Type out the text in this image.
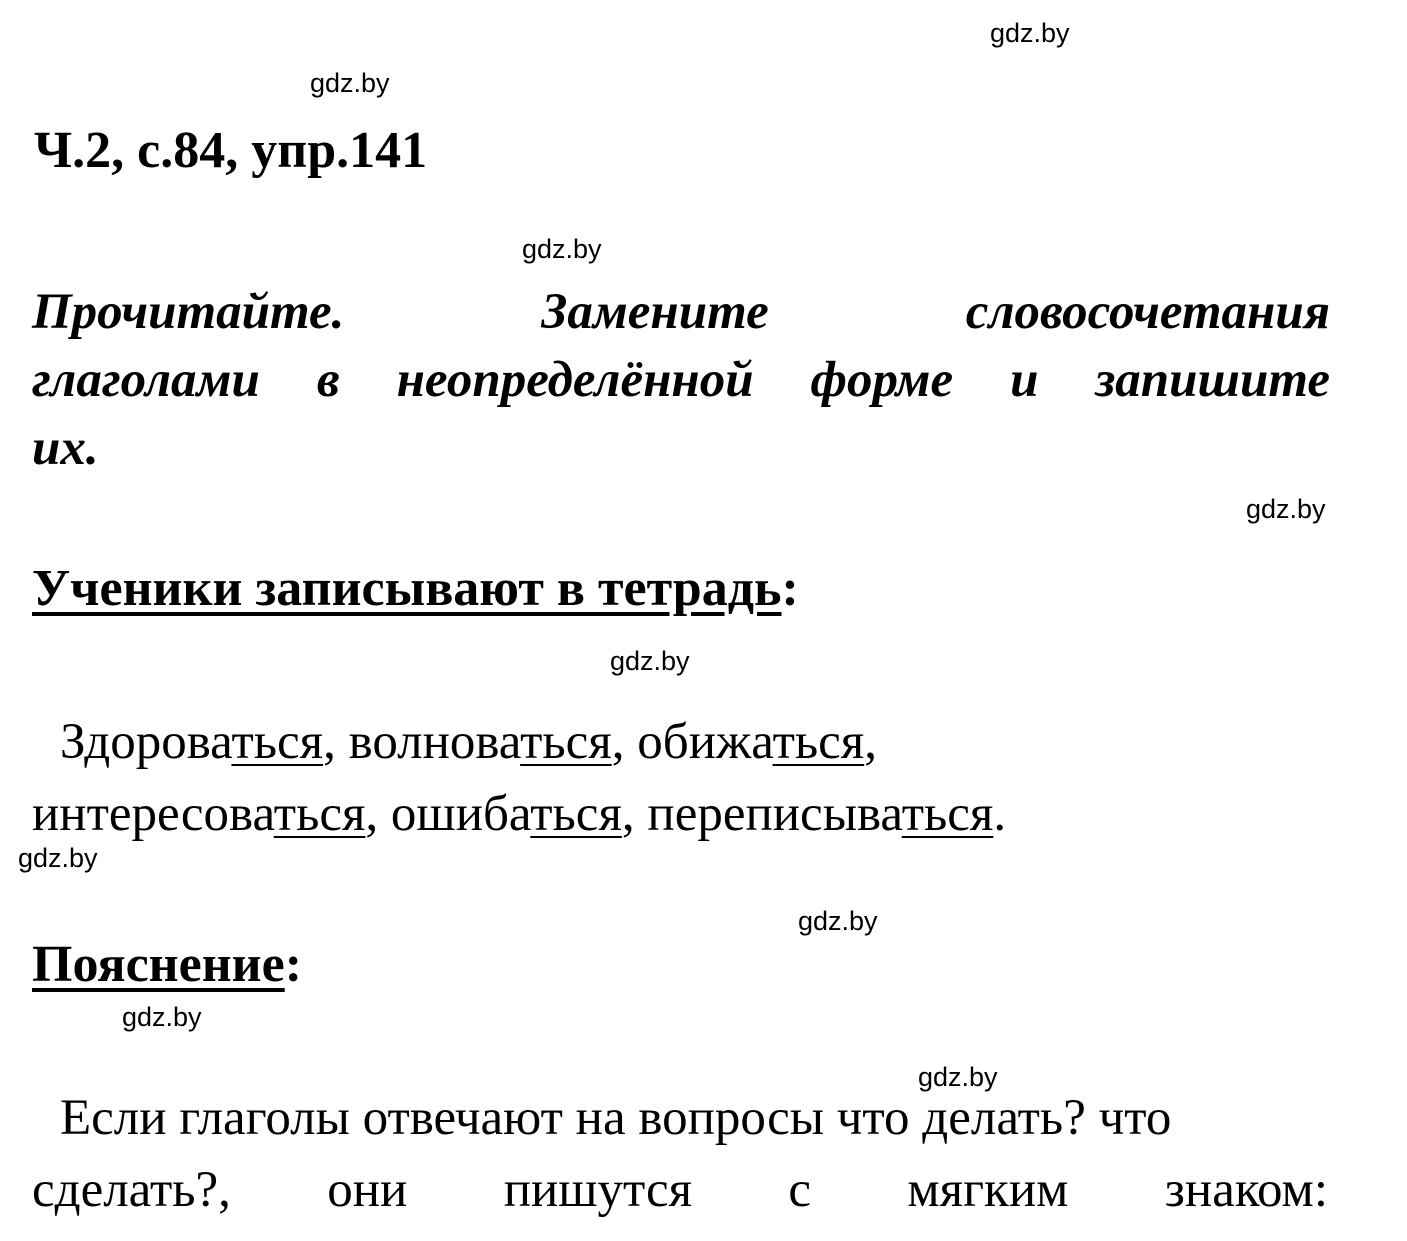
gdz.by
gdz.by
gdz.by
gdz.by
gdz.by
gdz.by
gdz.by
gdz.by
gdz.by
Ч.2, с.84, упр.141
Прочитайте.	Замените	словосочетания
глаголами в неопределённой форме и запишите
их.
Ученики записывают в тетрадь:
Здороваться, волноваться, обижаться,
интересоваться, ошибаться, переписываться.
Пояснение:
Если глаголы отвечают на вопросы что делать? что
сделать?, они пишутся с мягким знаком:
